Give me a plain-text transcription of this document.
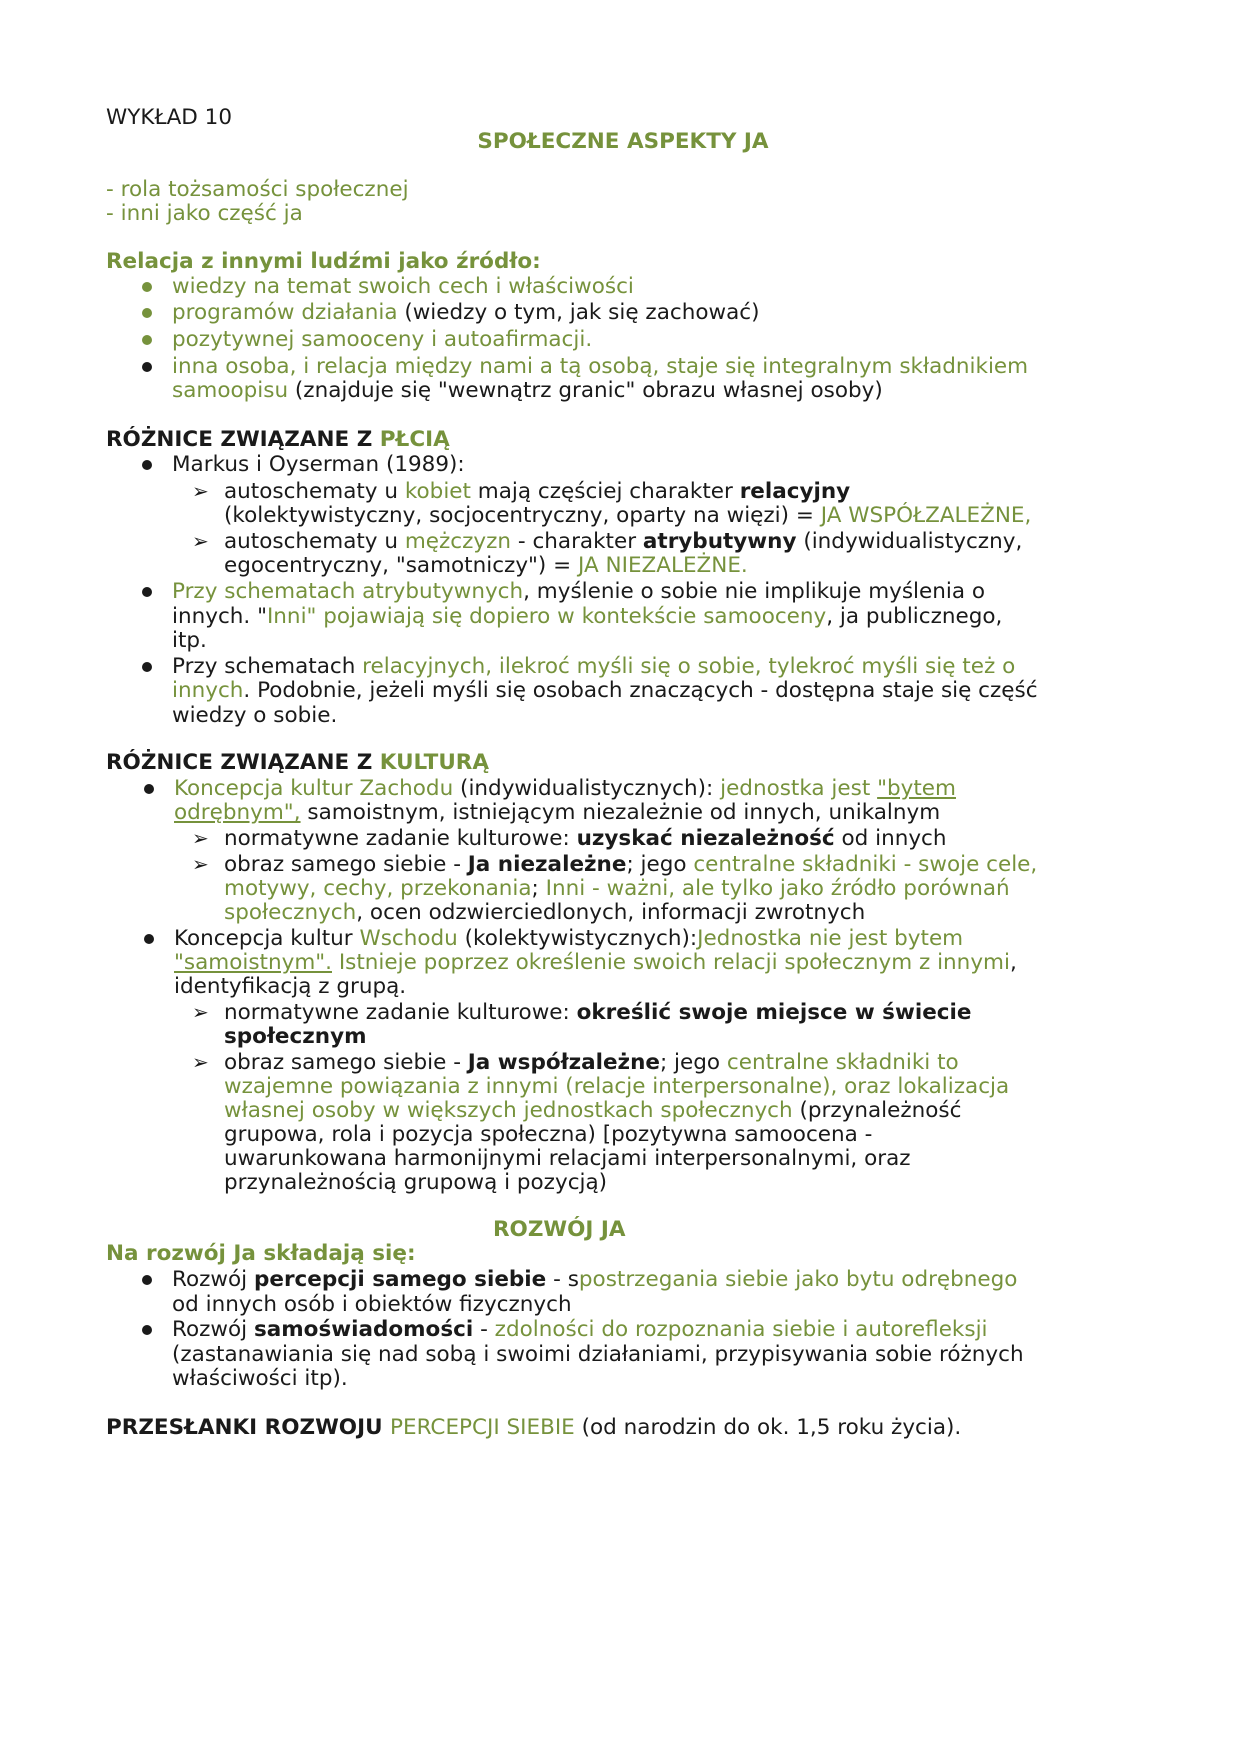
WYKŁAD 10
SPOŁECZNE ASPEKTY JA
- rola tożsamości społecznej
- inni jako część ja
Relacja z innymi ludźmi jako źródło:
wiedzy na temat swoich cech i właściwości
programów działania (wiedzy o tym, jak się zachować)
pozytywnej samooceny i autoafirmacji.
inna osoba, i relacja między nami a tą osobą, staje się integralnym składnikiem
samoopisu (znajduje się "wewnątrz granic" obrazu własnej osoby)
RÓŻNICE ZWIĄZANE Z PŁCIĄ
Markus i Oyserman (1989):
➢ autoschematy u kobiet mają częściej charakter relacyjny
(kolektywistyczny, socjocentryczny, oparty na więzi) = JA WSPÓŁZALEŻNE,
➢ autoschematy u mężczyzn - charakter atrybutywny (indywidualistyczny,
egocentryczny, "samotniczy") = JA NIEZALEŻNE.
Przy schematach atrybutywnych, myślenie o sobie nie implikuje myślenia o
innych. "Inni" pojawiają się dopiero w kontekście samooceny, ja publicznego,
itp.
Przy schematach relacyjnych, ilekroć myśli się o sobie, tylekroć myśli się też o
innych. Podobnie, jeżeli myśli się osobach znaczących - dostępna staje się część
wiedzy o sobie.
RÓŻNICE ZWIĄZANE Z KULTURĄ
Koncepcja kultur Zachodu (indywidualistycznych): jednostka jest "bytem
odrębnym", samoistnym, istniejącym niezależnie od innych, unikalnym
➢ normatywne zadanie kulturowe: uzyskać niezależność od innych
➢ obraz samego siebie - Ja niezależne; jego centralne składniki - swoje cele,
motywy, cechy, przekonania; Inni - ważni, ale tylko jako źródło porównań
społecznych, ocen odzwierciedlonych, informacji zwrotnych
Koncepcja kultur Wschodu (kolektywistycznych):Jednostka nie jest bytem
"samoistnym". Istnieje poprzez określenie swoich relacji społecznym z innymi,
identyfikacją z grupą.
➢ normatywne zadanie kulturowe: określić swoje miejsce w świecie
społecznym
➢ obraz samego siebie - Ja współzależne; jego centralne składniki to
wzajemne powiązania z innymi (relacje interpersonalne), oraz lokalizacja
własnej osoby w większych jednostkach społecznych (przynależność
grupowa, rola i pozycja społeczna) [pozytywna samoocena -
uwarunkowana harmonijnymi relacjami interpersonalnymi, oraz
przynależnością grupową i pozycją)
ROZWÓJ JA
Na rozwój Ja składają się:
Rozwój percepcji samego siebie - spostrzegania siebie jako bytu odrębnego
od innych osób i obiektów fizycznych
Rozwój samoświadomości - zdolności do rozpoznania siebie i autorefleksji
(zastanawiania się nad sobą i swoimi działaniami, przypisywania sobie różnych
właściwości itp).
PRZESŁANKI ROZWOJU PERCEPCJI SIEBIE (od narodzin do ok. 1,5 roku życia).
